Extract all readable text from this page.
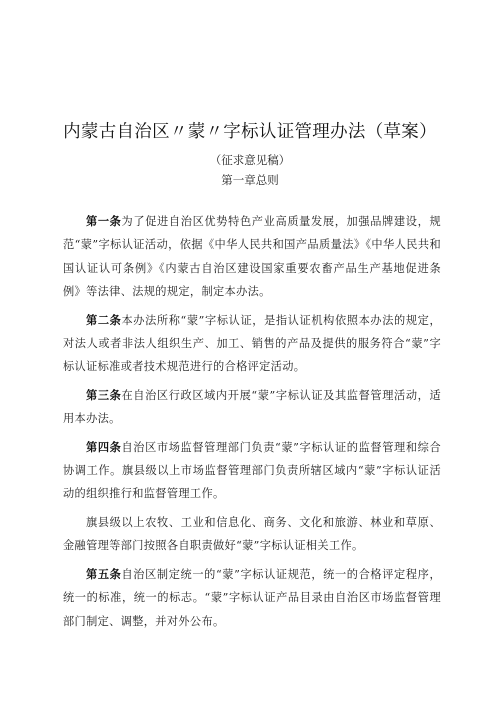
内蒙古自治区〃蒙〃字标认证管理办法（草案）
（征求意见稿）
第一章总则

第一条为了促进自治区优势特色产业高质量发展，加强品牌建设，规范“蒙”字标认证活动，依据《中华人民共和国产品质量法》《中华人民共和国认证认可条例》《内蒙古自治区建设国家重要农畜产品生产基地促进条例》等法律、法规的规定，制定本办法。

第二条本办法所称“蒙”字标认证，是指认证机构依照本办法的规定，对法人或者非法人组织生产、加工、销售的产品及提供的服务符合“蒙”字标认证标准或者技术规范进行的合格评定活动。

第三条在自治区行政区域内开展“蒙”字标认证及其监督管理活动，适用本办法。

第四条自治区市场监督管理部门负责“蒙”字标认证的监督管理和综合协调工作。旗县级以上市场监督管理部门负责所辖区域内“蒙”字标认证活动的组织推行和监督管理工作。

旗县级以上农牧、工业和信息化、商务、文化和旅游、林业和草原、金融管理等部门按照各自职责做好“蒙”字标认证相关工作。

第五条自治区制定统一的“蒙”字标认证规范，统一的合格评定程序，统一的标准，统一的标志。“蒙”字标认证产品目录由自治区市场监督管理部门制定、调整，并对外公布。
